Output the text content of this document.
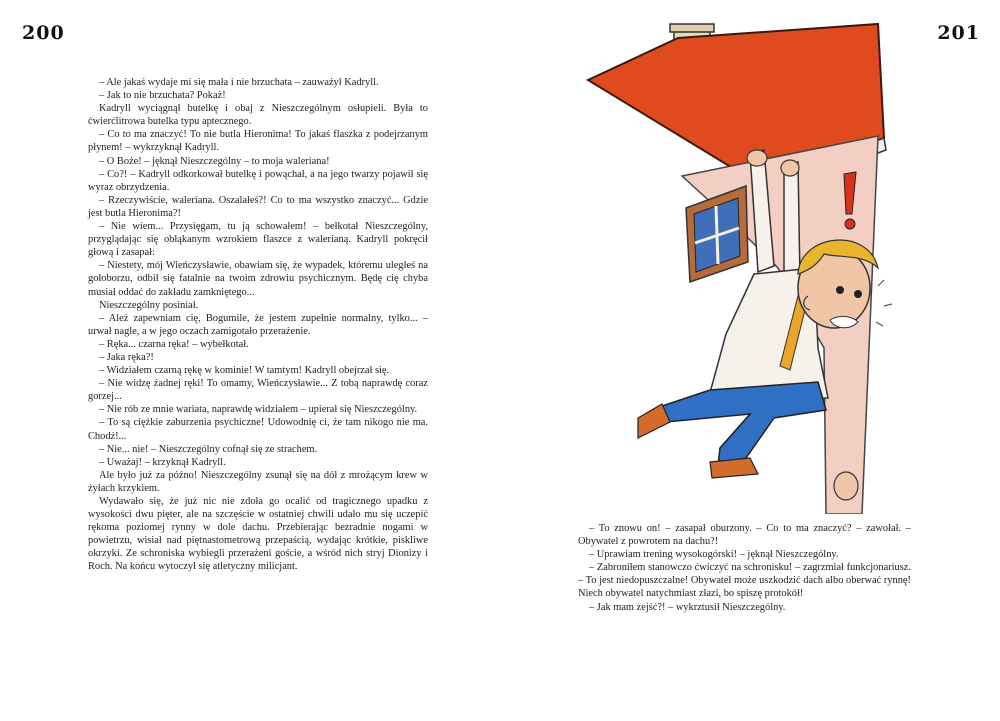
200	201

– Ale jakaś wydaje mi się mała i nie brzuchata – zauważył Kadryll.

– Jak to nie brzuchata? Pokaż!

Kadryll wyciągnął butelkę i obaj z Nieszczególnym osłupieli. Była to ćwierćlitrowa butelka typu aptecznego.

– Co to ma znaczyć! To nie butla Hieronima! To jakaś flaszka z podejrzanym płynem! – wykrzyknął Kadryll.

– O Boże! – jęknął Nieszczególny – to moja waleriana!

– Co?! – Kadryll odkorkował butelkę i powąchał, a na jego twarzy pojawił się wyraz obrzydzenia.

– Rzeczywiście, waleriana. Oszalałeś?! Co to ma wszystko znaczyć... Gdzie jest butla Hieronima?!

– Nie wiem... Przysięgam, tu ją schowałem! – bełkotał Nieszczególny, przyglądając się obłąkanym wzrokiem flaszce z walerianą. Kadryll pokręcił głową i zasapał:

– Niestety, mój Wieńczysławie, obawiam się, że wypadek, któremu uległeś na gołoborzu, odbił się fatalnie na twoim zdrowiu psychicznym. Będę cię chyba musiał oddać do zakładu zamkniętego...

Nieszczególny posiniał.

– Ależ zapewniam cię, Bogumile, że jestem zupełnie normalny, tylko... – urwał nagle, a w jego oczach zamigotało przerażenie.

– Ręka... czarna ręka! – wybełkotał.

– Jaka ręka?!

– Widziałem czarną rękę w kominie! W tamtym! Kadryll obejrzał się.

– Nie widzę żadnej ręki! To omamy, Wieńczysławie... Z tobą naprawdę coraz gorzej...

– Nie rób ze mnie wariata, naprawdę widziałem – upierał się Nieszczególny.

– To są ciężkie zaburzenia psychiczne! Udowodnię ci, że tam nikogo nie ma. Chodź!...

– Nie... nie! – Nieszczególny cofnął się ze strachem.

– Uważaj! – krzyknął Kadryll.

Ale było już za późno! Nieszczególny zsunął się na dół z mrożącym krew w żyłach krzykiem.

Wydawało się, że już nic nie zdoła go ocalić od tragicznego upadku z wysokości dwu pięter, ale na szczęście w ostatniej chwili udało mu się uczepić rękoma poziomej rynny w dole dachu. Przebierając bezradnie nogami w powietrzu, wisiał nad piętnastometrową przepaścią, wydając krótkie, piskliwe okrzyki. Ze schroniska wybiegli przerażeni goście, a wśród nich stryj Dionizy i Roch. Na końcu wytoczył się atletyczny milicjant.

– To znowu on! – zasapał oburzony. – Co to ma znaczyć? – zawołał. – Obywatel z powrotem na dachu?!

– Uprawiam trening wysokogórski! – jęknął Nieszczególny.

– Zabroniłem stanowczo ćwiczyć na schronisku! – zagrzmiał funkcjonariusz. – To jest niedopuszczalne! Obywatel może uszkodzić dach albo oberwać rynnę! Niech obywatel natychmiast złazi, bo spiszę protokół!

– Jak mam zejść?! – wykrztusił Nieszczególny.
